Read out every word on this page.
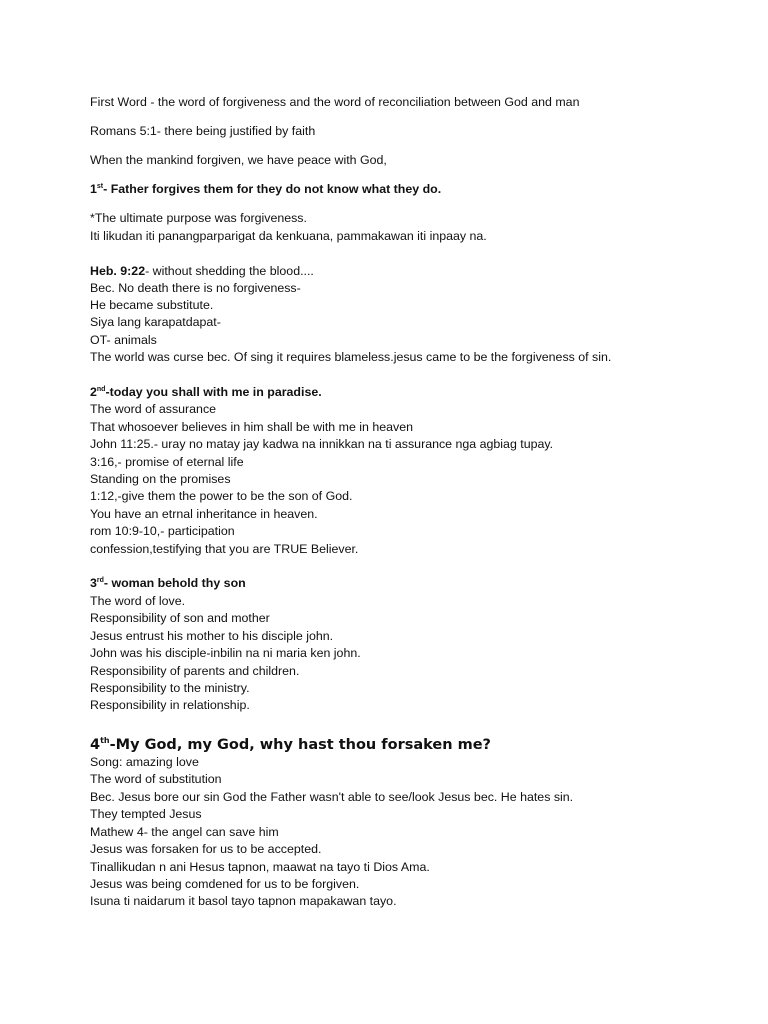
First Word - the word of forgiveness and the word of reconciliation between God and man
Romans 5:1- there being justified by faith
When the mankind forgiven, we have peace with God,
1st- Father forgives them for they do not know what they do.
*The ultimate purpose was forgiveness.
Iti likudan iti panangparparigat da kenkuana, pammakawan iti inpaay na.
Heb. 9:22- without shedding the blood....
Bec. No death there is no forgiveness-
He became substitute.
Siya lang karapatdapat-
OT- animals
The world was curse bec. Of sing it requires blameless.jesus came to be the forgiveness of sin.
2nd-today you shall with me in paradise.
The word of assurance
That whosoever believes in him shall be with me in heaven
John 11:25.- uray no matay jay kadwa na innikkan na ti assurance nga agbiag tupay.
3:16,- promise of eternal life
Standing on the promises
1:12,-give them the power to be the son of God.
You have an etrnal inheritance in heaven.
rom 10:9-10,- participation
confession,testifying that you are TRUE Believer.
3rd- woman behold thy son
The word of love.
Responsibility of son and mother
Jesus entrust his mother to his disciple john.
John was his disciple-inbilin na ni maria ken john.
Responsibility of parents and children.
Responsibility to the ministry.
Responsibility in relationship.
4th-My God, my God, why hast thou forsaken me?
Song: amazing love
The word of substitution
Bec. Jesus bore our sin God the Father wasn't able to see/look Jesus bec. He hates sin.
They tempted Jesus
Mathew 4- the angel can save him
Jesus was forsaken for us to be accepted.
Tinallikudan n ani Hesus tapnon, maawat na tayo ti Dios Ama.
Jesus was being comdened for us to be forgiven.
Isuna ti naidarum it basol tayo tapnon mapakawan tayo.
